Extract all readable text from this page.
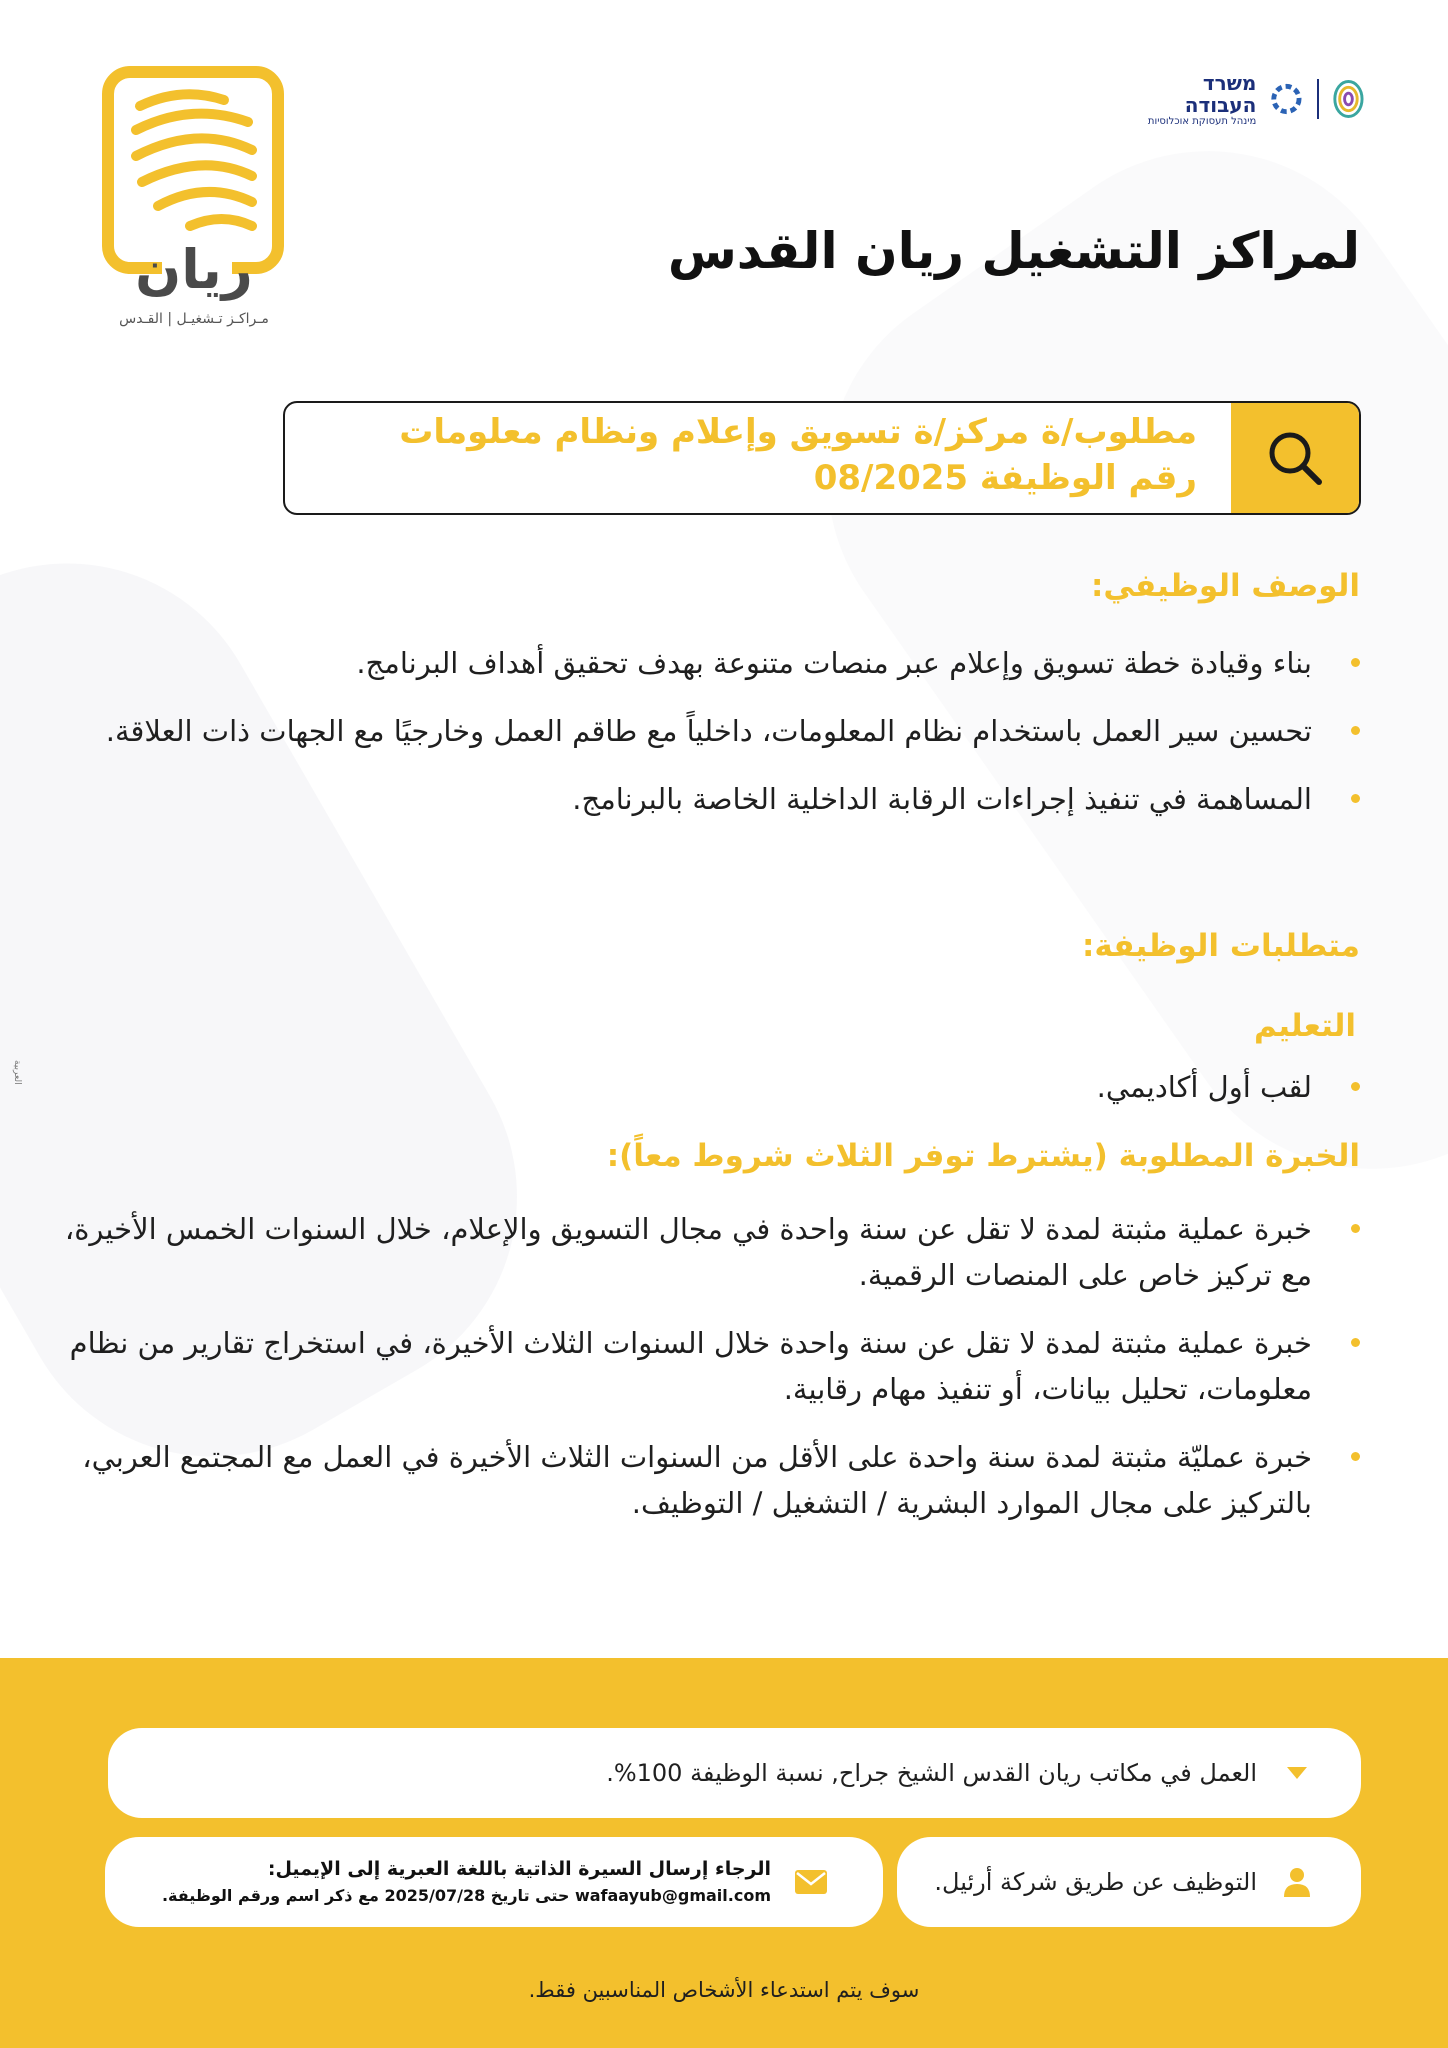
ريان
مـراكـز تـشغيـل | القـدس
משרד העבודה
מינהל תעסוקת אוכלוסיות
لمراكز التشغيل ريان القدس
مطلوب/ة مركز/ة تسويق وإعلام ونظام معلومات
رقم الوظيفة 08/2025
الوصف الوظيفي:
بناء وقيادة خطة تسويق وإعلام عبر منصات متنوعة بهدف تحقيق أهداف البرنامج.
تحسين سير العمل باستخدام نظام المعلومات، داخلياً مع طاقم العمل وخارجيًا مع الجهات ذات العلاقة.
المساهمة في تنفيذ إجراءات الرقابة الداخلية الخاصة بالبرنامج.
متطلبات الوظيفة:
التعليم
لقب أول أكاديمي.
الخبرة المطلوبة (يشترط توفر الثلاث شروط معاً):
خبرة عملية مثبتة لمدة لا تقل عن سنة واحدة في مجال التسويق والإعلام، خلال السنوات الخمس الأخيرة، مع تركيز خاص على المنصات الرقمية.
خبرة عملية مثبتة لمدة لا تقل عن سنة واحدة خلال السنوات الثلاث الأخيرة، في استخراج تقارير من نظام معلومات، تحليل بيانات، أو تنفيذ مهام رقابية.
خبرة عمليّة مثبتة لمدة سنة واحدة على الأقل من السنوات الثلاث الأخيرة في العمل مع المجتمع العربي، بالتركيز على مجال الموارد البشرية / التشغيل / التوظيف.
العربية
العمل في مكاتب ريان القدس الشيخ جراح, نسبة الوظيفة 100%.
التوظيف عن طريق شركة أرئيل.
الرجاء إرسال السيرة الذاتية باللغة العبرية إلى الإيميل:
wafaayub@gmail.com حتى تاريخ 2025/07/28 مع ذكر اسم ورقم الوظيفة.
سوف يتم استدعاء الأشخاص المناسبين فقط.
